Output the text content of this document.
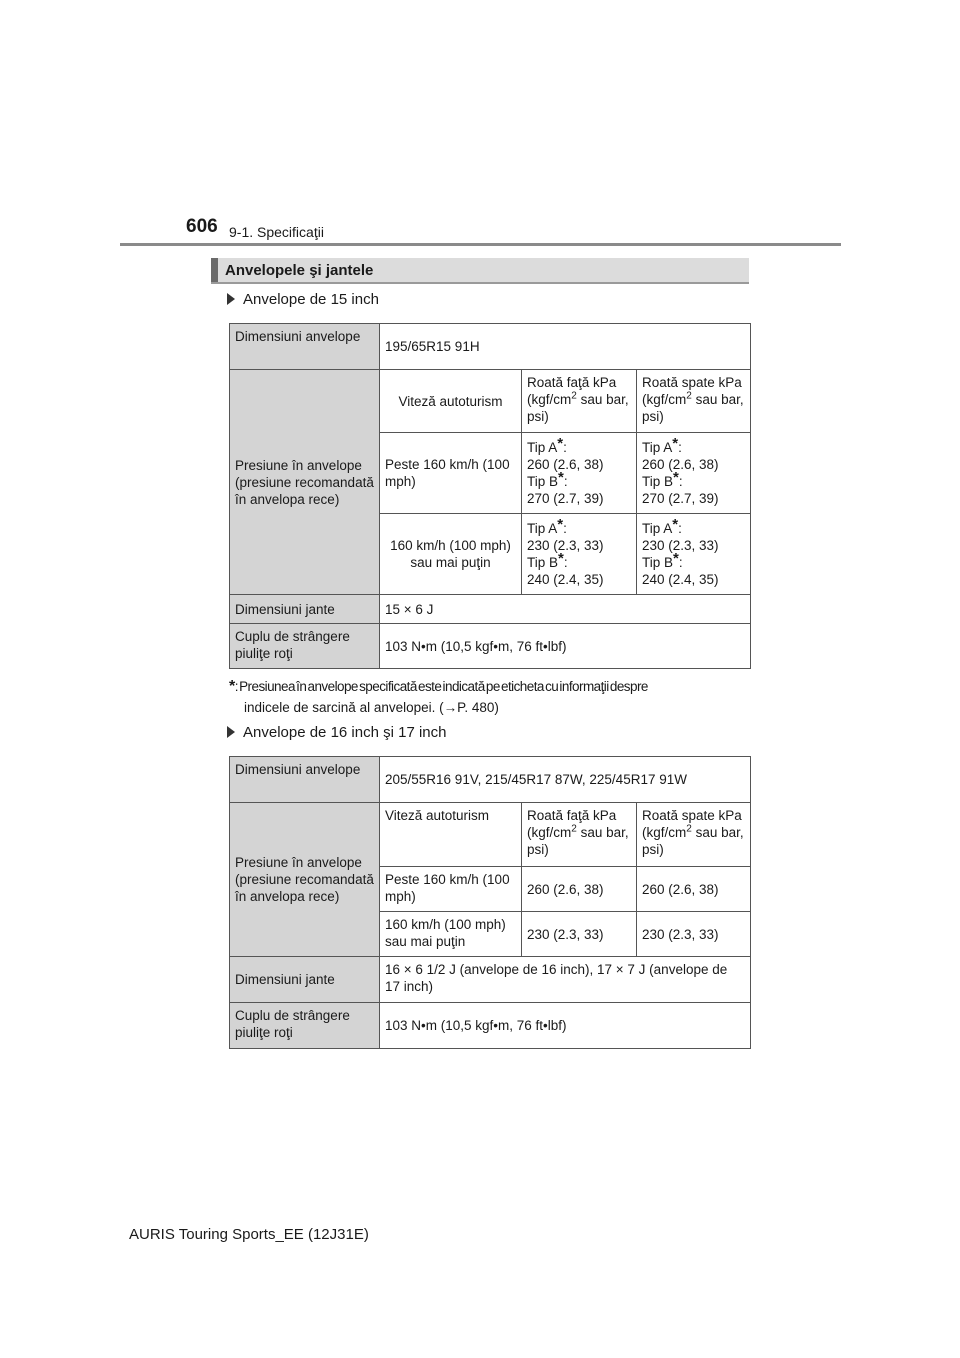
606 9-1. Specificaţii
Anvelopele şi jantele
Anvelope de 15 inch
Dimensiuni anvelope	195/65R15 91H		
Presiune în anvelope (presiune recomandată în anvelopa rece)	Viteză autoturism	Roată faţă kPa ($kgf/cm^2$ sau bar, psi)	Roată spate kPa ($kgf/cm^2$ sau bar, psi)
	Peste 160 km/h (100 mph)	Tip A*:
260 (2.6, 38)
Tip B*:
270 (2.7, 39)	Tip A*:
260 (2.6, 38)
Tip B*:
270 (2.7, 39)
	160 km/h (100 mph) sau mai puţin	Tip A*:
230 (2.3, 33)
Tip B*:
240 (2.4, 35)	Tip A*:
230 (2.3, 33)
Tip B*:
240 (2.4, 35)
Dimensiuni jante	15 × 6 J		
Cuplu de strângere piuliţe roţi	103 N•m (10,5 kgf•m, 76 ft•lbf)		
*: Presiunea în anvelope specificată este indicată pe eticheta cu informaţii despre
indicele de sarcină al anvelopei. (→P. 480)
Anvelope de 16 inch şi 17 inch
Dimensiuni anvelope	205/55R16 91V, 215/45R17 87W, 225/45R17 91W		
Presiune în anvelope (presiune recomandată în anvelopa rece)	Viteză autoturism	Roată faţă kPa ($kgf/cm^2$ sau bar, psi)	Roată spate kPa ($kgf/cm^2$ sau bar, psi)
	Peste 160 km/h (100 mph)	260 (2.6, 38)	260 (2.6, 38)
	160 km/h (100 mph) sau mai puţin	230 (2.3, 33)	230 (2.3, 33)
Dimensiuni jante	16 × 6 1/2 J (anvelope de 16 inch), 17 × 7 J (anvelope de 17 inch)		
Cuplu de strângere piuliţe roţi	103 N•m (10,5 kgf•m, 76 ft•lbf)		
AURIS Touring Sports_EE (12J31E)
